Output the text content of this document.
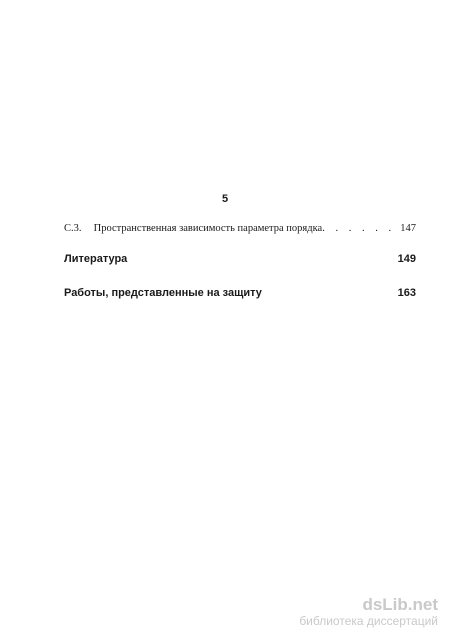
5
С.3.	Пространственная зависимость параметра порядка . . . . . . 147
Литература	149
Работы, представленные на защиту	163
dsLib.net
библиотека диссертаций
